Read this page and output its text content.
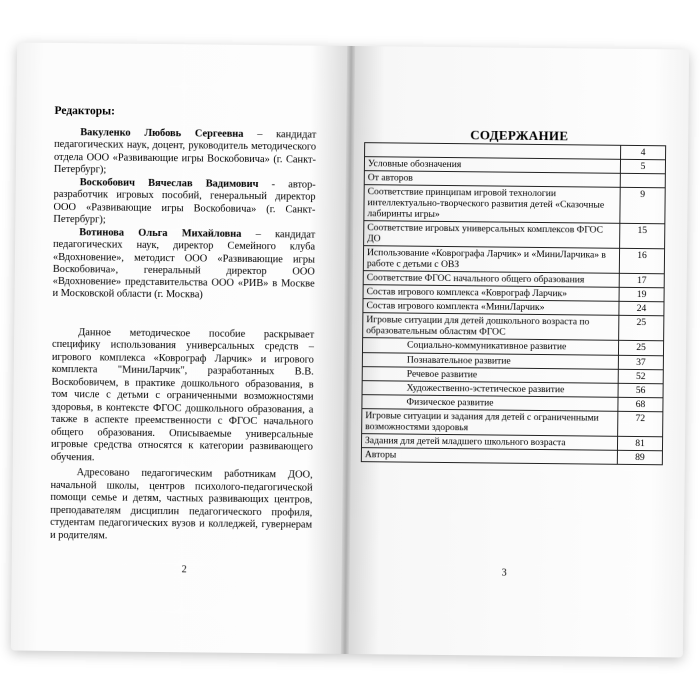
Редакторы:

Вакуленко Любовь Сергеевна – кандидат педагогических наук, доцент, руководитель методического отдела ООО «Развивающие игры Воскобовича» (г. Санкт-Петербург);

Воскобович Вячеслав Вадимович - автор-разработчик игровых пособий, генеральный директор ООО «Развивающие игры Воскобовича» (г. Санкт-Петербург);

Вотинова Ольга Михайловна – кандидат педагогических наук, директор Семейного клуба «Вдохновение», методист ООО «Развивающие игры Воскобовича», генеральный директор ООО «Вдохновение» представительства ООО «РИВ» в Москве и Московской области (г. Москва)

Данное методическое пособие раскрывает специфику использования универсальных средств – игрового комплекса «Коврограф Ларчик» и игрового комплекта "МиниЛарчик", разработанных В.В. Воскобовичем, в практике дошкольного образования, в том числе с детьми с ограниченными возможностями здоровья, в контексте ФГОС дошкольного образования, а также в аспекте преемственности с ФГОС начального общего образования. Описываемые универсальные игровые средства относятся к категории развивающего обучения.

Адресовано педагогическим работникам ДОО, начальной школы, центров психолого-педагогической помощи семье и детям, частных развивающих центров, преподавателям дисциплин педагогического профиля, студентам педагогических вузов и колледжей, гувернерам и родителям.

2
СОДЕРЖАНИЕ
	4
Условные обозначения	5
От авторов	
Соответствие принципам игровой технологии интеллектуально-творческого развития детей «Сказочные лабиринты игры»	9
Соответствие игровых универсальных комплексов ФГОС ДО	15
Использование «Коврографа Ларчик» и «МиниЛарчика» в работе с детьми с ОВЗ	16
Соответствие ФГОС начального общего образования	17
Состав игрового комплекса «Коврограф Ларчик»	19
Состав игрового комплекта «МиниЛарчик»	24
Игровые ситуации для детей дошкольного возраста по образовательным областям ФГОС	25
Социально-коммуникативное развитие	25
Познавательное развитие	37
Речевое развитие	52
Художественно-эстетическое развитие	56
Физическое развитие	68
Игровые ситуации и задания для детей с ограниченными возможностями здоровья	72
Задания для детей младшего школьного возраста	81
Авторы	89
3
